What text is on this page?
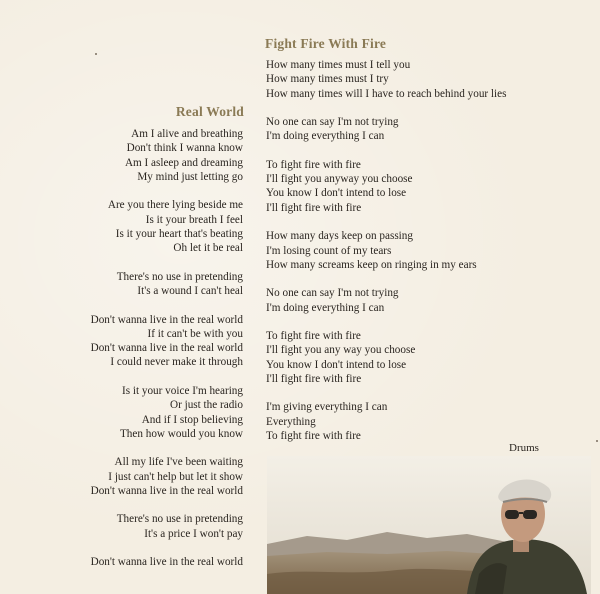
Real World
Am I alive and breathing
Don't think I wanna know
Am I asleep and dreaming
My mind just letting go
Are you there lying beside me
Is it your breath I feel
Is it your heart that's beating
Oh let it be real
There's no use in pretending
It's a wound I can't heal
Don't wanna live in the real world
If it can't be with you
Don't wanna live in the real world
I could never make it through
Is it your voice I'm hearing
Or just the radio
And if I stop believing
Then how would you know
All my life I've been waiting
I just can't help but let it show
Don't wanna live in the real world
There's no use in pretending
It's a price I won't pay
Don't wanna live in the real world
Fight Fire With Fire
How many times must I tell you
How many times must I try
How many times will I have to reach behind your lies
No one can say I'm not trying
I'm doing everything I can
To fight fire with fire
I'll fight you anyway you choose
You know I don't intend to lose
I'll fight fire with fire
How many days keep on passing
I'm losing count of my tears
How many screams keep on ringing in my ears
No one can say I'm not trying
I'm doing everything I can
To fight fire with fire
I'll fight you any way you choose
You know I don't intend to lose
I'll fight fire with fire
I'm giving everything I can
Everything
To fight fire with fire
Drums
